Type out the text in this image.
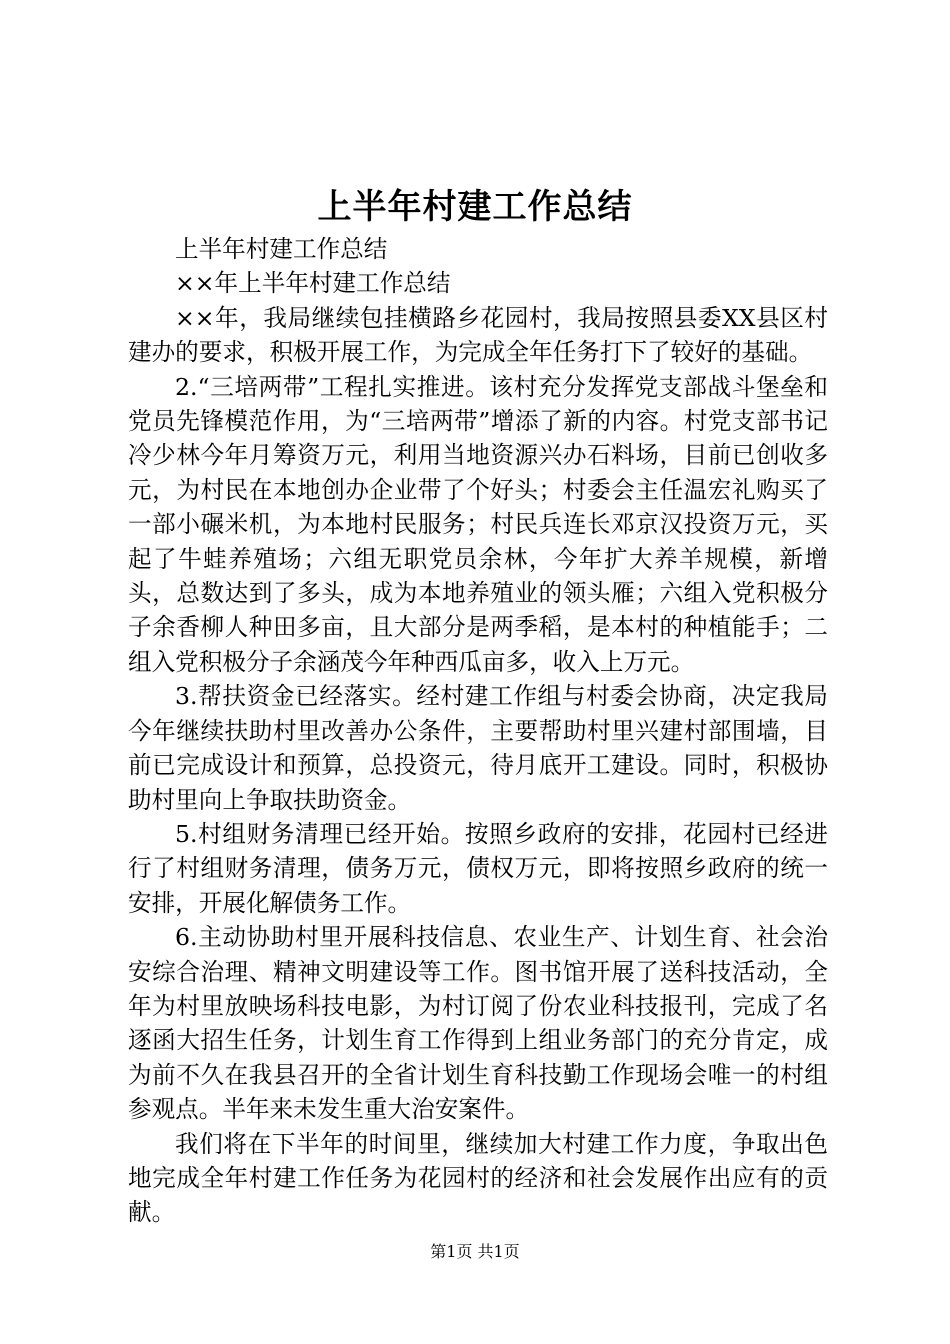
上半年村建工作总结

上半年村建工作总结

××年上半年村建工作总结

××年，我局继续包挂横路乡花园村，我局按照县委XX县区村建办的要求，积极开展工作，为完成全年任务打下了较好的基础。

2.“三培两带”工程扎实推进。该村充分发挥党支部战斗堡垒和党员先锋模范作用，为“三培两带”增添了新的内容。村党支部书记冷少林今年月筹资万元，利用当地资源兴办石料场，目前已创收多元，为村民在本地创办企业带了个好头；村委会主任温宏礼购买了一部小碾米机，为本地村民服务；村民兵连长邓京汉投资万元，买起了牛蛙养殖场；六组无职党员余林，今年扩大养羊规模，新增头，总数达到了多头，成为本地养殖业的领头雁；六组入党积极分子余香柳人种田多亩，且大部分是两季稻，是本村的种植能手；二组入党积极分子余涵茂今年种西瓜亩多，收入上万元。

3.帮扶资金已经落实。经村建工作组与村委会协商，决定我局今年继续扶助村里改善办公条件，主要帮助村里兴建村部围墙，目前已完成设计和预算，总投资元，待月底开工建设。同时，积极协助村里向上争取扶助资金。

5.村组财务清理已经开始。按照乡政府的安排，花园村已经进行了村组财务清理，债务万元，债权万元，即将按照乡政府的统一安排，开展化解债务工作。

6.主动协助村里开展科技信息、农业生产、计划生育、社会治安综合治理、精神文明建设等工作。图书馆开展了送科技活动，全年为村里放映场科技电影，为村订阅了份农业科技报刊，完成了名逐函大招生任务，计划生育工作得到上组业务部门的充分肯定，成为前不久在我县召开的全省计划生育科技勤工作现场会唯一的村组参观点。半年来未发生重大治安案件。

我们将在下半年的时间里，继续加大村建工作力度，争取出色地完成全年村建工作任务为花园村的经济和社会发展作出应有的贡献。

第1页 共1页
